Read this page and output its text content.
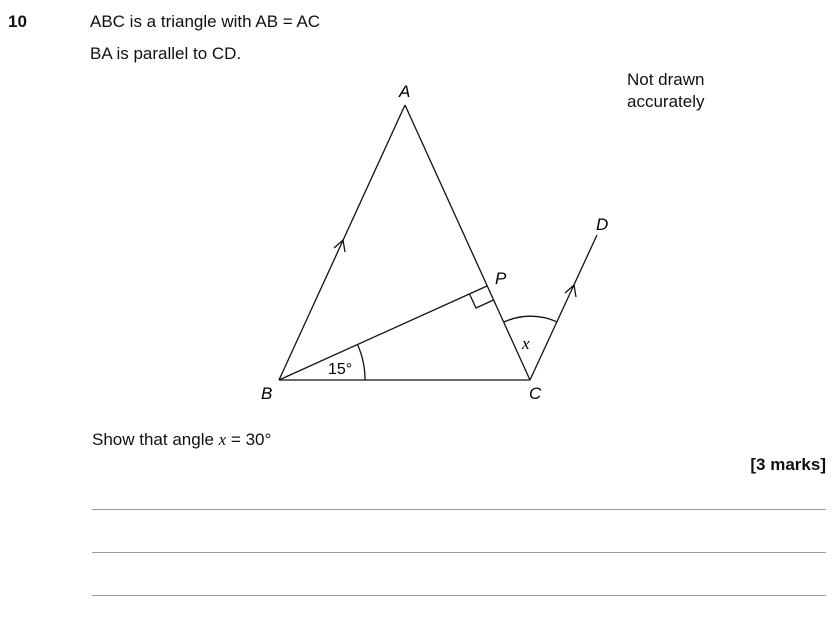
10	ABC is a triangle with AB = AC
BA is parallel to CD.
Not drawn
accurately
A
B	C
D
P
15°
x
Show that angle x = 30°
[3 marks]
